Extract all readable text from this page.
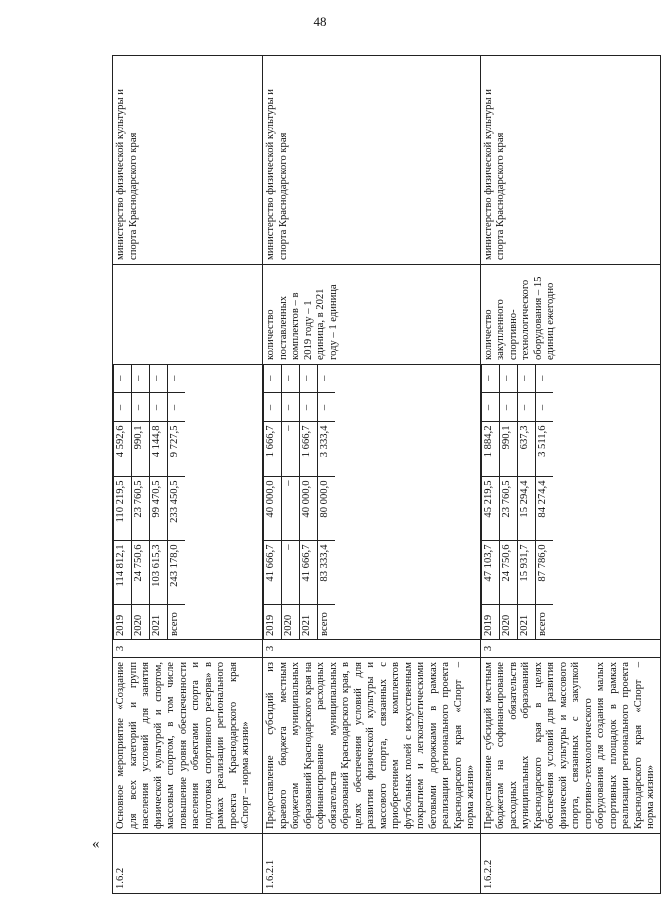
48
«
1.6.2	Основное мероприятие «Создание для всех категорий и групп населения условий для занятия физической культурой и спортом, массовым спортом, в том числе повышение уровня обеспеченности населения объектами спорта и подготовка спортивного резерва» в рамках реализации регионального проекта Краснодарского края «Спорт – норма жизни»	3	
2019	114 812,1	110 219,5	4 592,6	–	–
2020	24 750,6	23 760,5	990,1	–	–
2021	103 615,3	99 470,5	4 144,8	–	–
всего	243 178,0	233 450,5	9 727,5	–	–
		министерство физической культуры и спорта Краснодарского края
1.6.2.1	Предоставление субсидий из краевого бюджета местным бюджетам муниципальных образований Краснодарского края на софинансирование расходных обязательств муниципальных образований Краснодарского края, в целях обеспечения условий для развития физической культуры и массового спорта, связанных с приобретением комплектов футбольных полей с искусственным покрытием и легкоатлетическими беговыми дорожками в рамках реализации регионального проекта Краснодарского края «Спорт – норма жизни»	3	
2019	41 666,7	40 000,0	1 666,7	–	–
2020	–	–	–	–	–
2021	41 666,7	40 000,0	1 666,7	–	–
всего	83 333,4	80 000,0	3 333,4	–	–
	количество поставленных комплектов – в 2019 году – 1 единица, в 2021 году – 1 единица	министерство физической культуры и спорта Краснодарского края
1.6.2.2	Предоставление субсидий местным бюджетам на софинансирование расходных обязательств муниципальных образований Краснодарского края в целях обеспечения условий для развития физической культуры и массового спорта, связанных с закупкой спортивно-технологического оборудования для создания малых спортивных площадок в рамках реализации регионального проекта Краснодарского края «Спорт – норма жизни»	3	
2019	47 103,7	45 219,5	1 884,2	–	–
2020	24 750,6	23 760,5	990,1	–	–
2021	15 931,7	15 294,4	637,3	–	–
всего	87 786,0	84 274,4	3 511,6	–	–
	количество закупленного спортивно-технологического оборудования – 15 единиц ежегодно	министерство физической культуры и спорта Краснодарского края
